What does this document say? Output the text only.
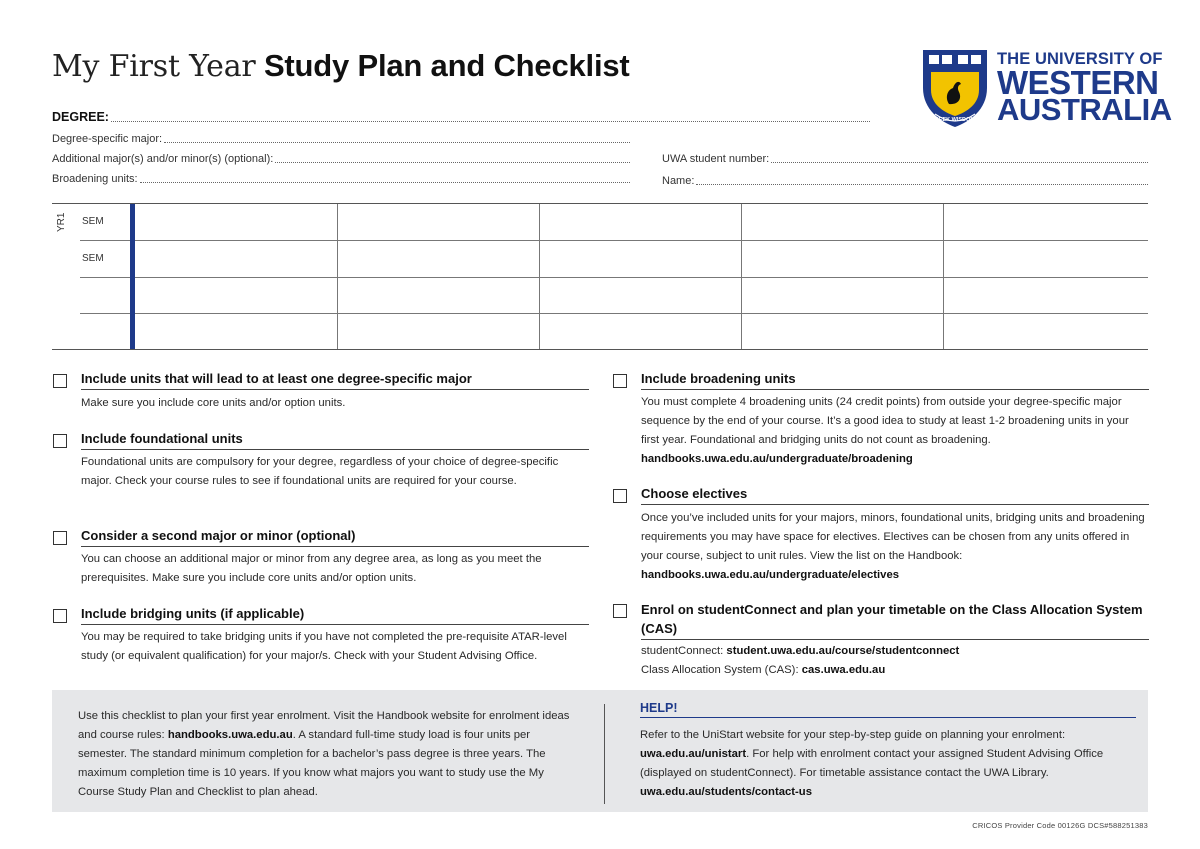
My First Year Study Plan and Checklist
SEEK WISDOM
THE UNIVERSITY OF
WESTERN
AUSTRALIA
DEGREE:
Degree-specific major:
Additional major(s) and/or minor(s) (optional):
Broadening units:
UWA student number:
Name:
YR1 SEM
SEM
Include units that will lead to at least one degree-specific major
Make sure you include core units and/or option units.
Include foundational units
Foundational units are compulsory for your degree, regardless of your choice of degree-specific major. Check your course rules to see if foundational units are required for your course.
Consider a second major or minor (optional)
You can choose an additional major or minor from any degree area, as long as you meet the prerequisites. Make sure you include core units and/or option units.
Include bridging units (if applicable)
You may be required to take bridging units if you have not completed the pre-requisite ATAR-level study (or equivalent qualification) for your major/s. Check with your Student Advising Office.
Include broadening units
You must complete 4 broadening units (24 credit points) from outside your degree-specific major sequence by the end of your course. It’s a good idea to study at least 1-2 broadening units in your first year. Foundational and bridging units do not count as broadening.
handbooks.uwa.edu.au/undergraduate/broadening
Choose electives
Once you’ve included units for your majors, minors, foundational units, bridging units and broadening requirements you may have space for electives. Electives can be chosen from any units offered in your course, subject to unit rules. View the list on the Handbook:
handbooks.uwa.edu.au/undergraduate/electives
Enrol on studentConnect and plan your timetable on the Class Allocation System (CAS)
studentConnect: student.uwa.edu.au/course/studentconnect
Class Allocation System (CAS): cas.uwa.edu.au
Use this checklist to plan your first year enrolment. Visit the Handbook website for enrolment ideas and course rules: handbooks.uwa.edu.au. A standard full-time study load is four units per semester. The standard minimum completion for a bachelor’s pass degree is three years. The maximum completion time is 10 years. If you know what majors you want to study use the My Course Study Plan and Checklist to plan ahead.
HELP!
Refer to the UniStart website for your step-by-step guide on planning your enrolment: uwa.edu.au/unistart. For help with enrolment contact your assigned Student Advising Office (displayed on studentConnect). For timetable assistance contact the UWA Library. uwa.edu.au/students/contact-us
CRICOS Provider Code 00126G DCS#588251383
